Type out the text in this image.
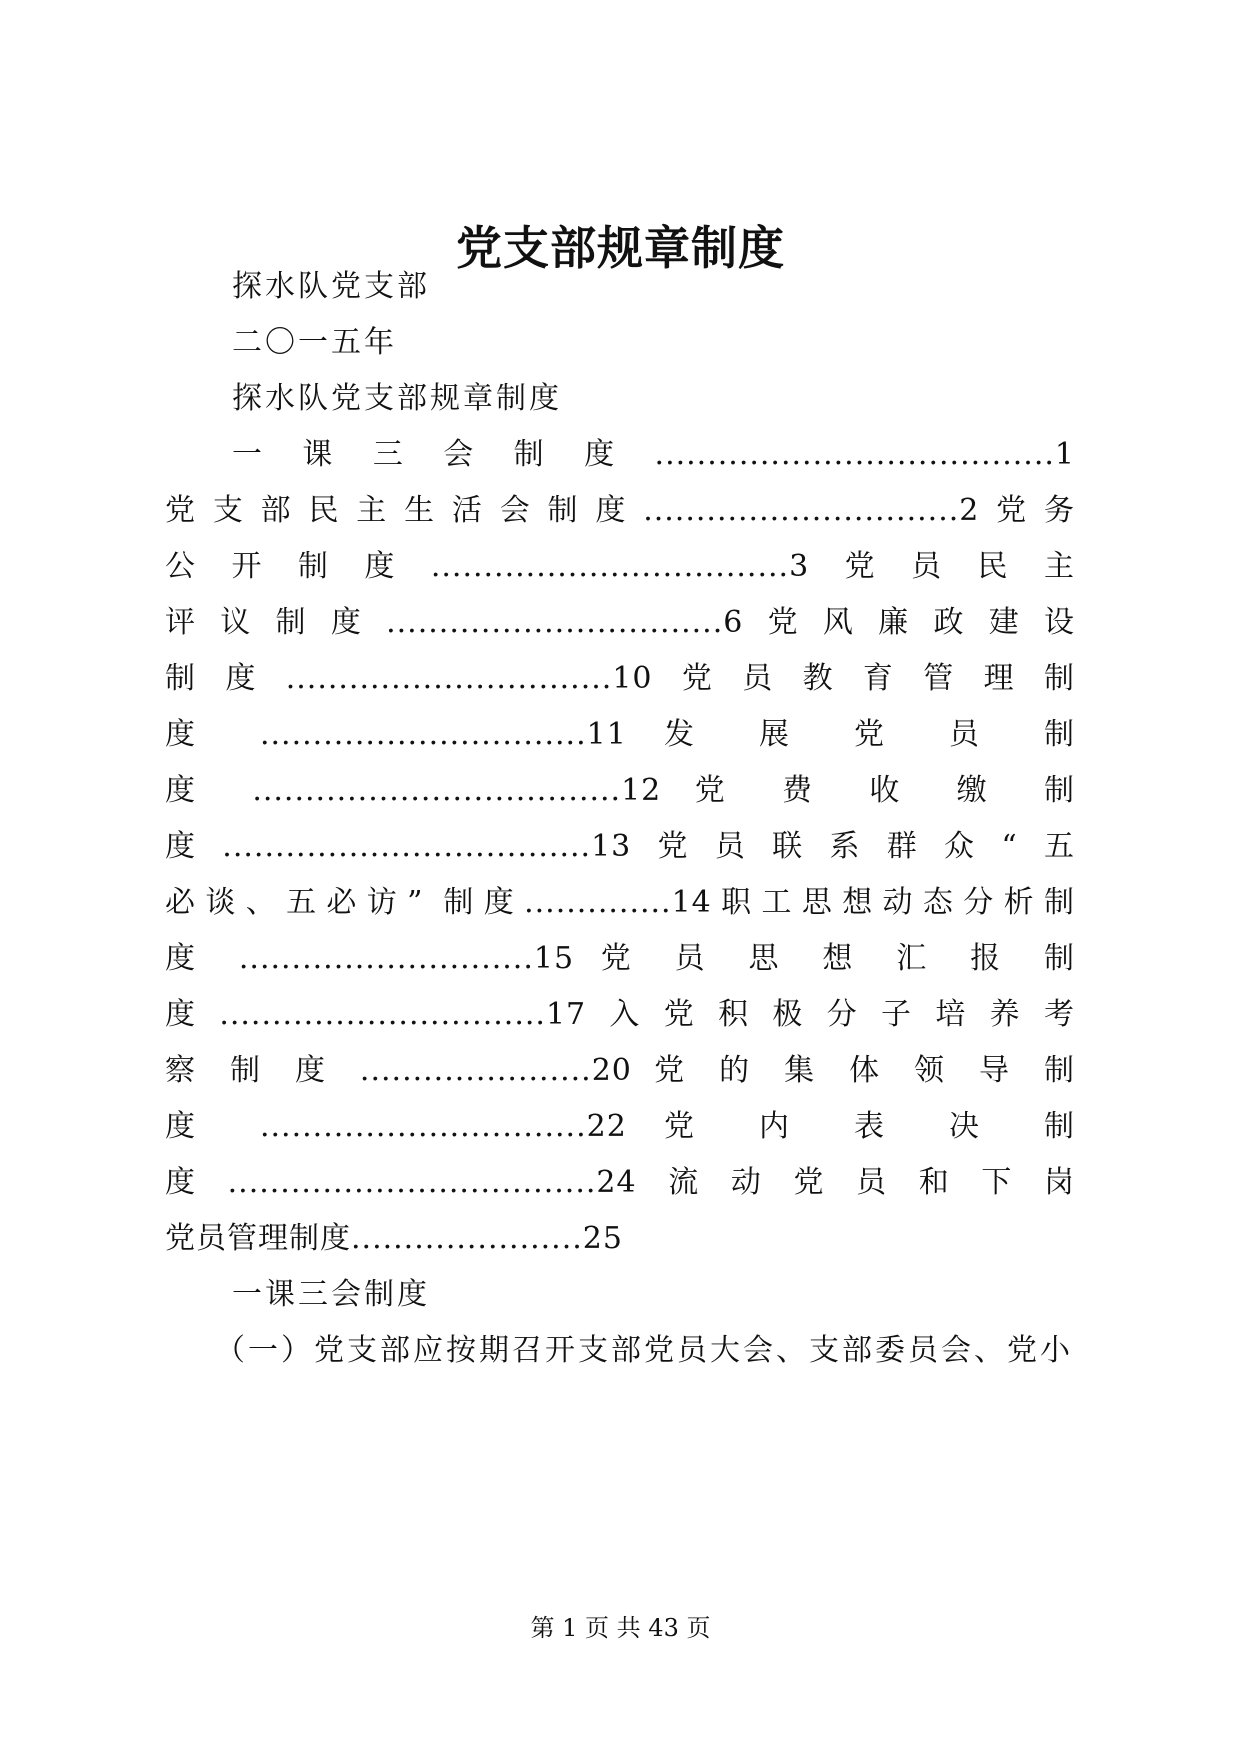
党支部规章制度
探水队党支部
二〇一五年
探水队党支部规章制度
一课三会制度......................................1
党支部民主生活会制度..............................2党务
公开制度..................................3党员民主
评议制度................................6党风廉政建设
制度...............................10党员教育管理制
度 ...............................11 发 展 党 员 制
度 ...................................12 党 费 收 缴 制
度...................................13党员联系群众“五
必谈、五必访” 制度..............14职工思想动态分析制
度 ............................15 党 员 思 想 汇 报 制
度...............................17入党积极分子培养考
察 制 度 ......................20 党 的 集 体 领 导 制
度 ...............................22 党 内 表 决 制
度...................................24流动党员和下岗
党员管理制度......................25
一课三会制度
（一）党支部应按期召开支部党员大会、支部委员会、党小
第 1 页 共 43 页
